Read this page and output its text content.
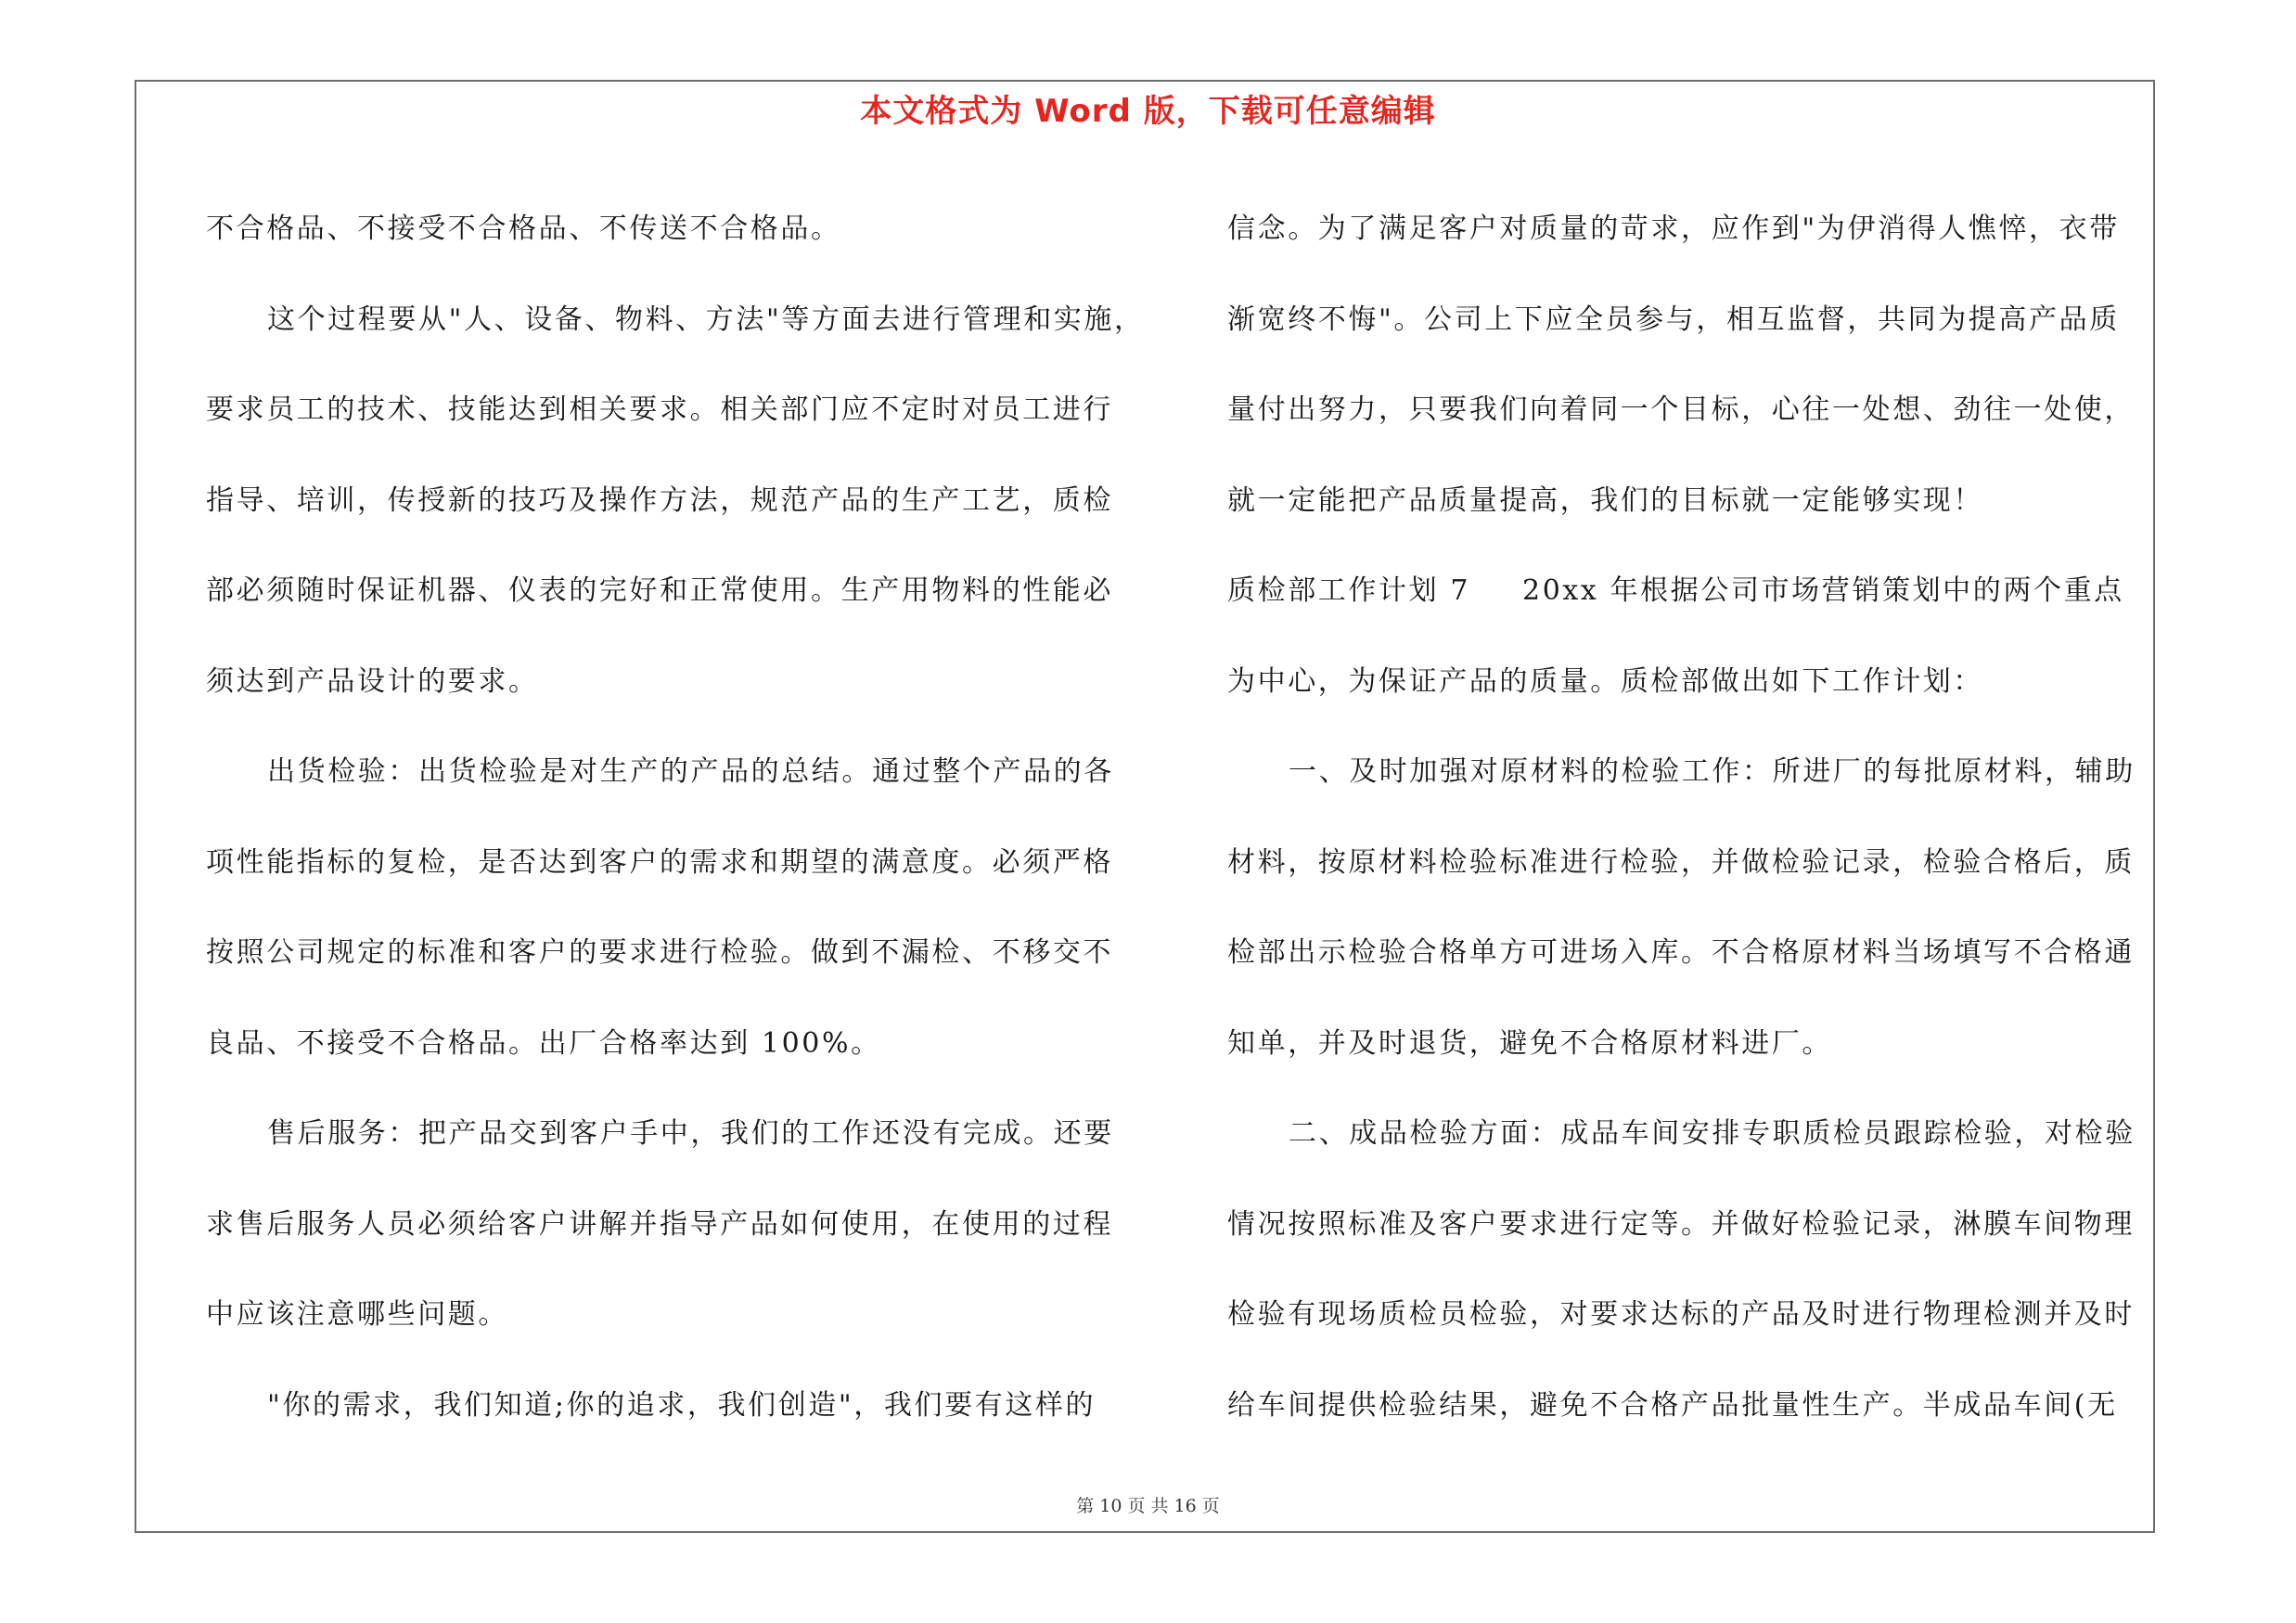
本文格式为 Word 版，下载可任意编辑
不合格品、不接受不合格品、不传送不合格品。
这个过程要从"人、设备、物料、方法"等方面去进行管理和实施，
要求员工的技术、技能达到相关要求。相关部门应不定时对员工进行
指导、培训，传授新的技巧及操作方法，规范产品的生产工艺，质检
部必须随时保证机器、仪表的完好和正常使用。生产用物料的性能必
须达到产品设计的要求。
出货检验：出货检验是对生产的产品的总结。通过整个产品的各
项性能指标的复检，是否达到客户的需求和期望的满意度。必须严格
按照公司规定的标准和客户的要求进行检验。做到不漏检、不移交不
良品、不接受不合格品。出厂合格率达到 100%。
售后服务：把产品交到客户手中，我们的工作还没有完成。还要
求售后服务人员必须给客户讲解并指导产品如何使用，在使用的过程
中应该注意哪些问题。
"你的需求，我们知道;你的追求，我们创造"，我们要有这样的
信念。为了满足客户对质量的苛求，应作到"为伊消得人憔悴，衣带
渐宽终不悔"。公司上下应全员参与，相互监督，共同为提高产品质
量付出努力，只要我们向着同一个目标，心往一处想、劲往一处使，
就一定能把产品质量提高，我们的目标就一定能够实现！
质检部工作计划 7 20xx 年根据公司市场营销策划中的两个重点
为中心，为保证产品的质量。质检部做出如下工作计划：
一、及时加强对原材料的检验工作：所进厂的每批原材料，辅助
材料，按原材料检验标准进行检验，并做检验记录，检验合格后，质
检部出示检验合格单方可进场入库。不合格原材料当场填写不合格通
知单，并及时退货，避免不合格原材料进厂。
二、成品检验方面：成品车间安排专职质检员跟踪检验，对检验
情况按照标准及客户要求进行定等。并做好检验记录，淋膜车间物理
检验有现场质检员检验，对要求达标的产品及时进行物理检测并及时
给车间提供检验结果，避免不合格产品批量性生产。半成品车间(无
第 10 页 共 16 页
